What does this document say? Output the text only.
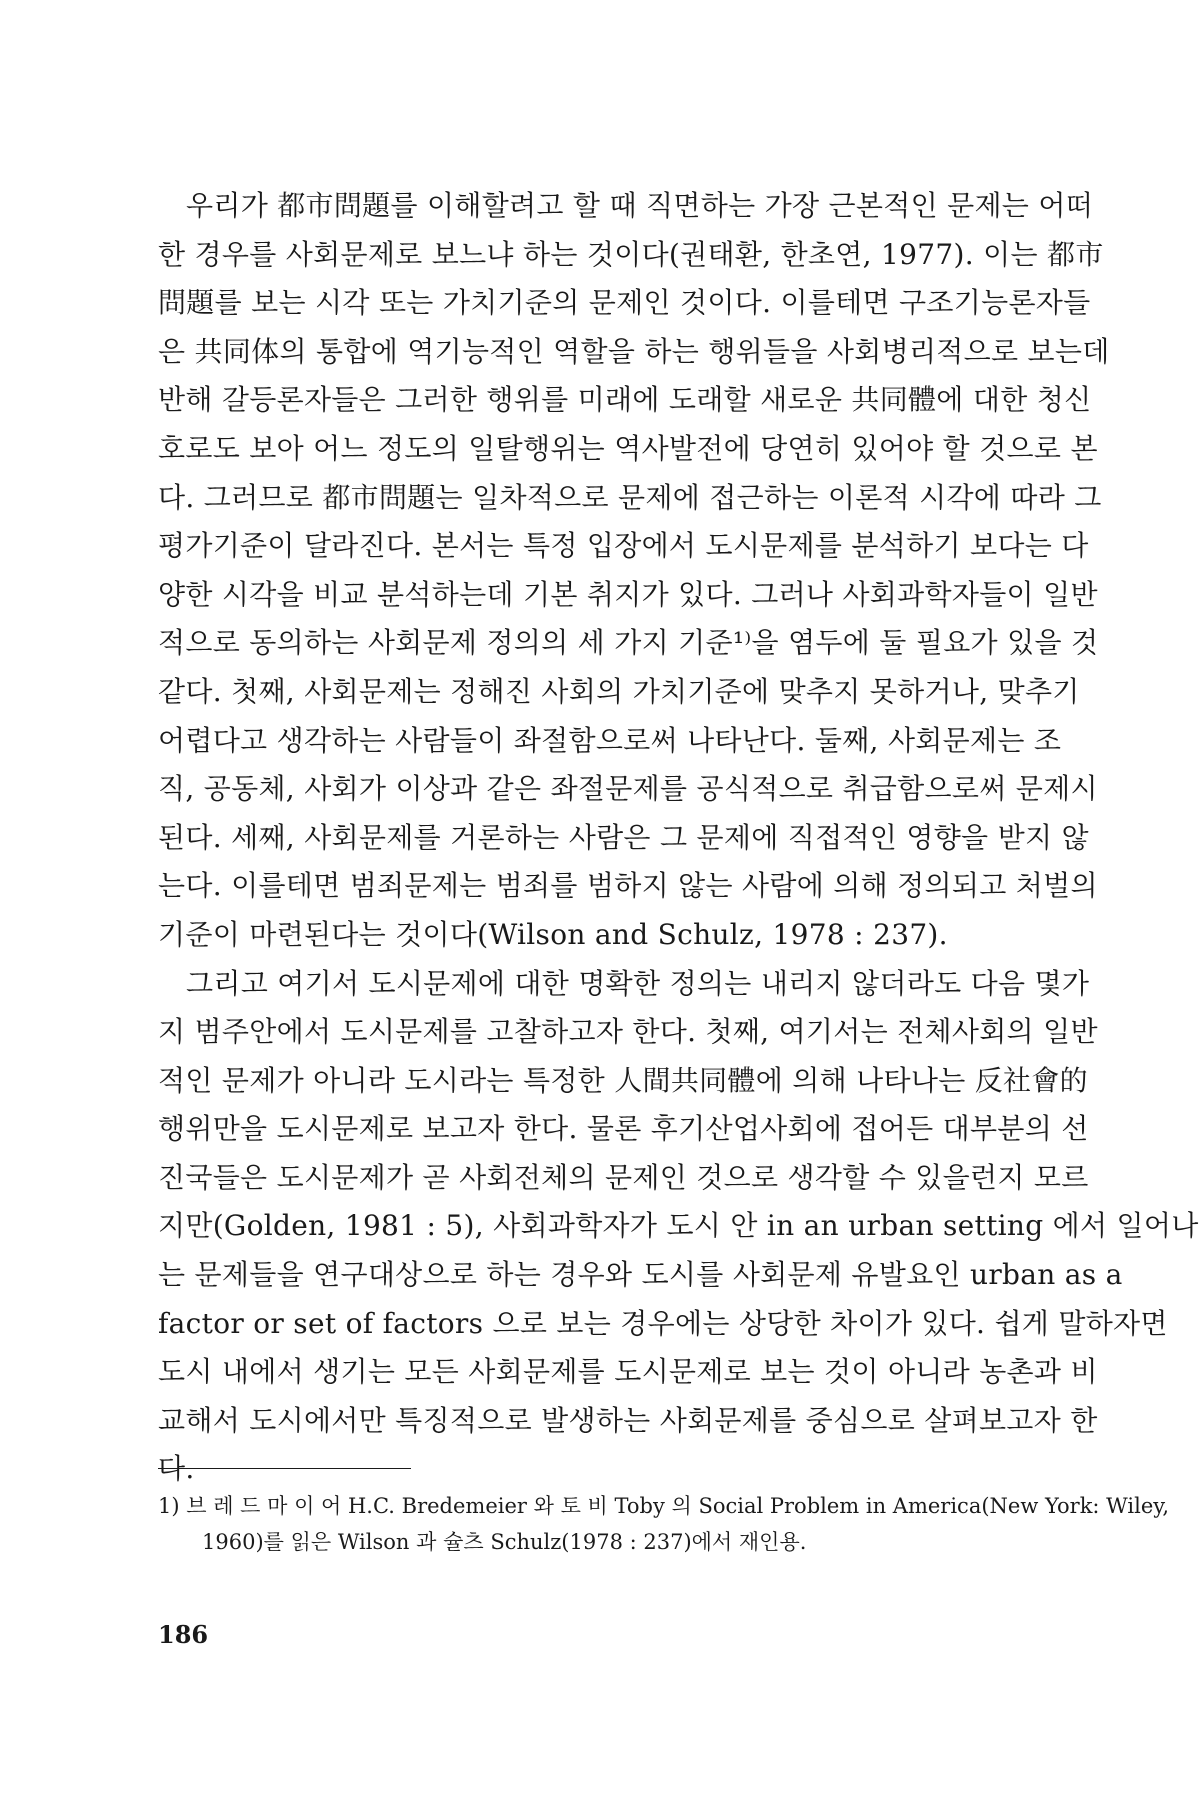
우리가 都市問題를 이해할려고 할 때 직면하는 가장 근본적인 문제는 어떠
한 경우를 사회문제로 보느냐 하는 것이다(권태환, 한초연, 1977). 이는 都市
問題를 보는 시각 또는 가치기준의 문제인 것이다. 이를테면 구조기능론자들
은 共同体의 통합에 역기능적인 역할을 하는 행위들을 사회병리적으로 보는데
반해 갈등론자들은 그러한 행위를 미래에 도래할 새로운 共同體에 대한 청신
호로도 보아 어느 정도의 일탈행위는 역사발전에 당연히 있어야 할 것으로 본
다. 그러므로 都市問題는 일차적으로 문제에 접근하는 이론적 시각에 따라 그
평가기준이 달라진다. 본서는 특정 입장에서 도시문제를 분석하기 보다는 다
양한 시각을 비교 분석하는데 기본 취지가 있다. 그러나 사회과학자들이 일반
적으로 동의하는 사회문제 정의의 세 가지 기준¹⁾을 염두에 둘 필요가 있을 것
같다. 첫째, 사회문제는 정해진 사회의 가치기준에 맞추지 못하거나, 맞추기
어렵다고 생각하는 사람들이 좌절함으로써 나타난다. 둘째, 사회문제는 조
직, 공동체, 사회가 이상과 같은 좌절문제를 공식적으로 취급함으로써 문제시
된다. 세째, 사회문제를 거론하는 사람은 그 문제에 직접적인 영향을 받지 않
는다. 이를테면 범죄문제는 범죄를 범하지 않는 사람에 의해 정의되고 처벌의
기준이 마련된다는 것이다(Wilson and Schulz, 1978 : 237).
그리고 여기서 도시문제에 대한 명확한 정의는 내리지 않더라도 다음 몇가
지 범주안에서 도시문제를 고찰하고자 한다. 첫째, 여기서는 전체사회의 일반
적인 문제가 아니라 도시라는 특정한 人間共同體에 의해 나타나는 反社會的
행위만을 도시문제로 보고자 한다. 물론 후기산업사회에 접어든 대부분의 선
진국들은 도시문제가 곧 사회전체의 문제인 것으로 생각할 수 있을런지 모르
지만(Golden, 1981 : 5), 사회과학자가 도시 안 in an urban setting 에서 일어나
는 문제들을 연구대상으로 하는 경우와 도시를 사회문제 유발요인 urban as a
factor or set of factors 으로 보는 경우에는 상당한 차이가 있다. 쉽게 말하자면
도시 내에서 생기는 모든 사회문제를 도시문제로 보는 것이 아니라 농촌과 비
교해서 도시에서만 특징적으로 발생하는 사회문제를 중심으로 살펴보고자 한
다.
1) 브 레 드 마 이 어 H.C. Bredemeier 와 토 비 Toby 의 Social Problem in America(New York: Wiley,
1960)를 읽은 Wilson 과 슐츠 Schulz(1978 : 237)에서 재인용.
186
